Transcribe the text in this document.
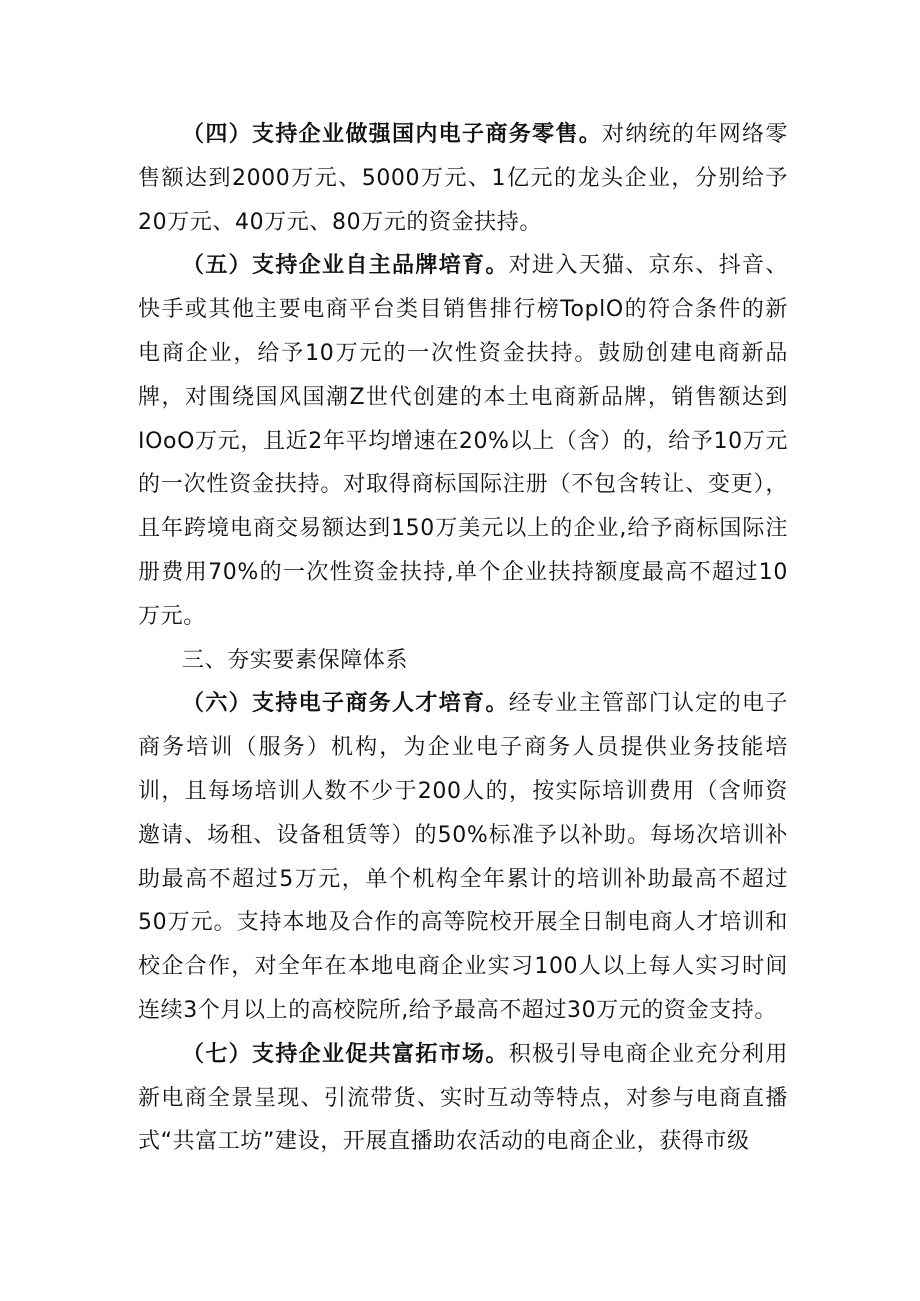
（四）支持企业做强国内电子商务零售。对纳统的年网络零售额达到2000万元、5000万元、1亿元的龙头企业，分别给予20万元、40万元、80万元的资金扶持。

（五）支持企业自主品牌培育。对进入天猫、京东、抖音、快手或其他主要电商平台类目销售排行榜ToplO的符合条件的新电商企业，给予10万元的一次性资金扶持。鼓励创建电商新品牌，对围绕国风国潮Z世代创建的本土电商新品牌，销售额达到IOoO万元，且近2年平均增速在20%以上（含）的，给予10万元的一次性资金扶持。对取得商标国际注册（不包含转让、变更），且年跨境电商交易额达到150万美元以上的企业,给予商标国际注册费用70%的一次性资金扶持,单个企业扶持额度最高不超过10万元。

三、夯实要素保障体系

（六）支持电子商务人才培育。经专业主管部门认定的电子商务培训（服务）机构，为企业电子商务人员提供业务技能培训，且每场培训人数不少于200人的，按实际培训费用（含师资邀请、场租、设备租赁等）的50%标准予以补助。每场次培训补助最高不超过5万元，单个机构全年累计的培训补助最高不超过50万元。支持本地及合作的高等院校开展全日制电商人才培训和校企合作，对全年在本地电商企业实习100人以上每人实习时间连续3个月以上的高校院所,给予最高不超过30万元的资金支持。

（七）支持企业促共富拓市场。积极引导电商企业充分利用新电商全景呈现、引流带货、实时互动等特点，对参与电商直播式“共富工坊”建设，开展直播助农活动的电商企业，获得市级
